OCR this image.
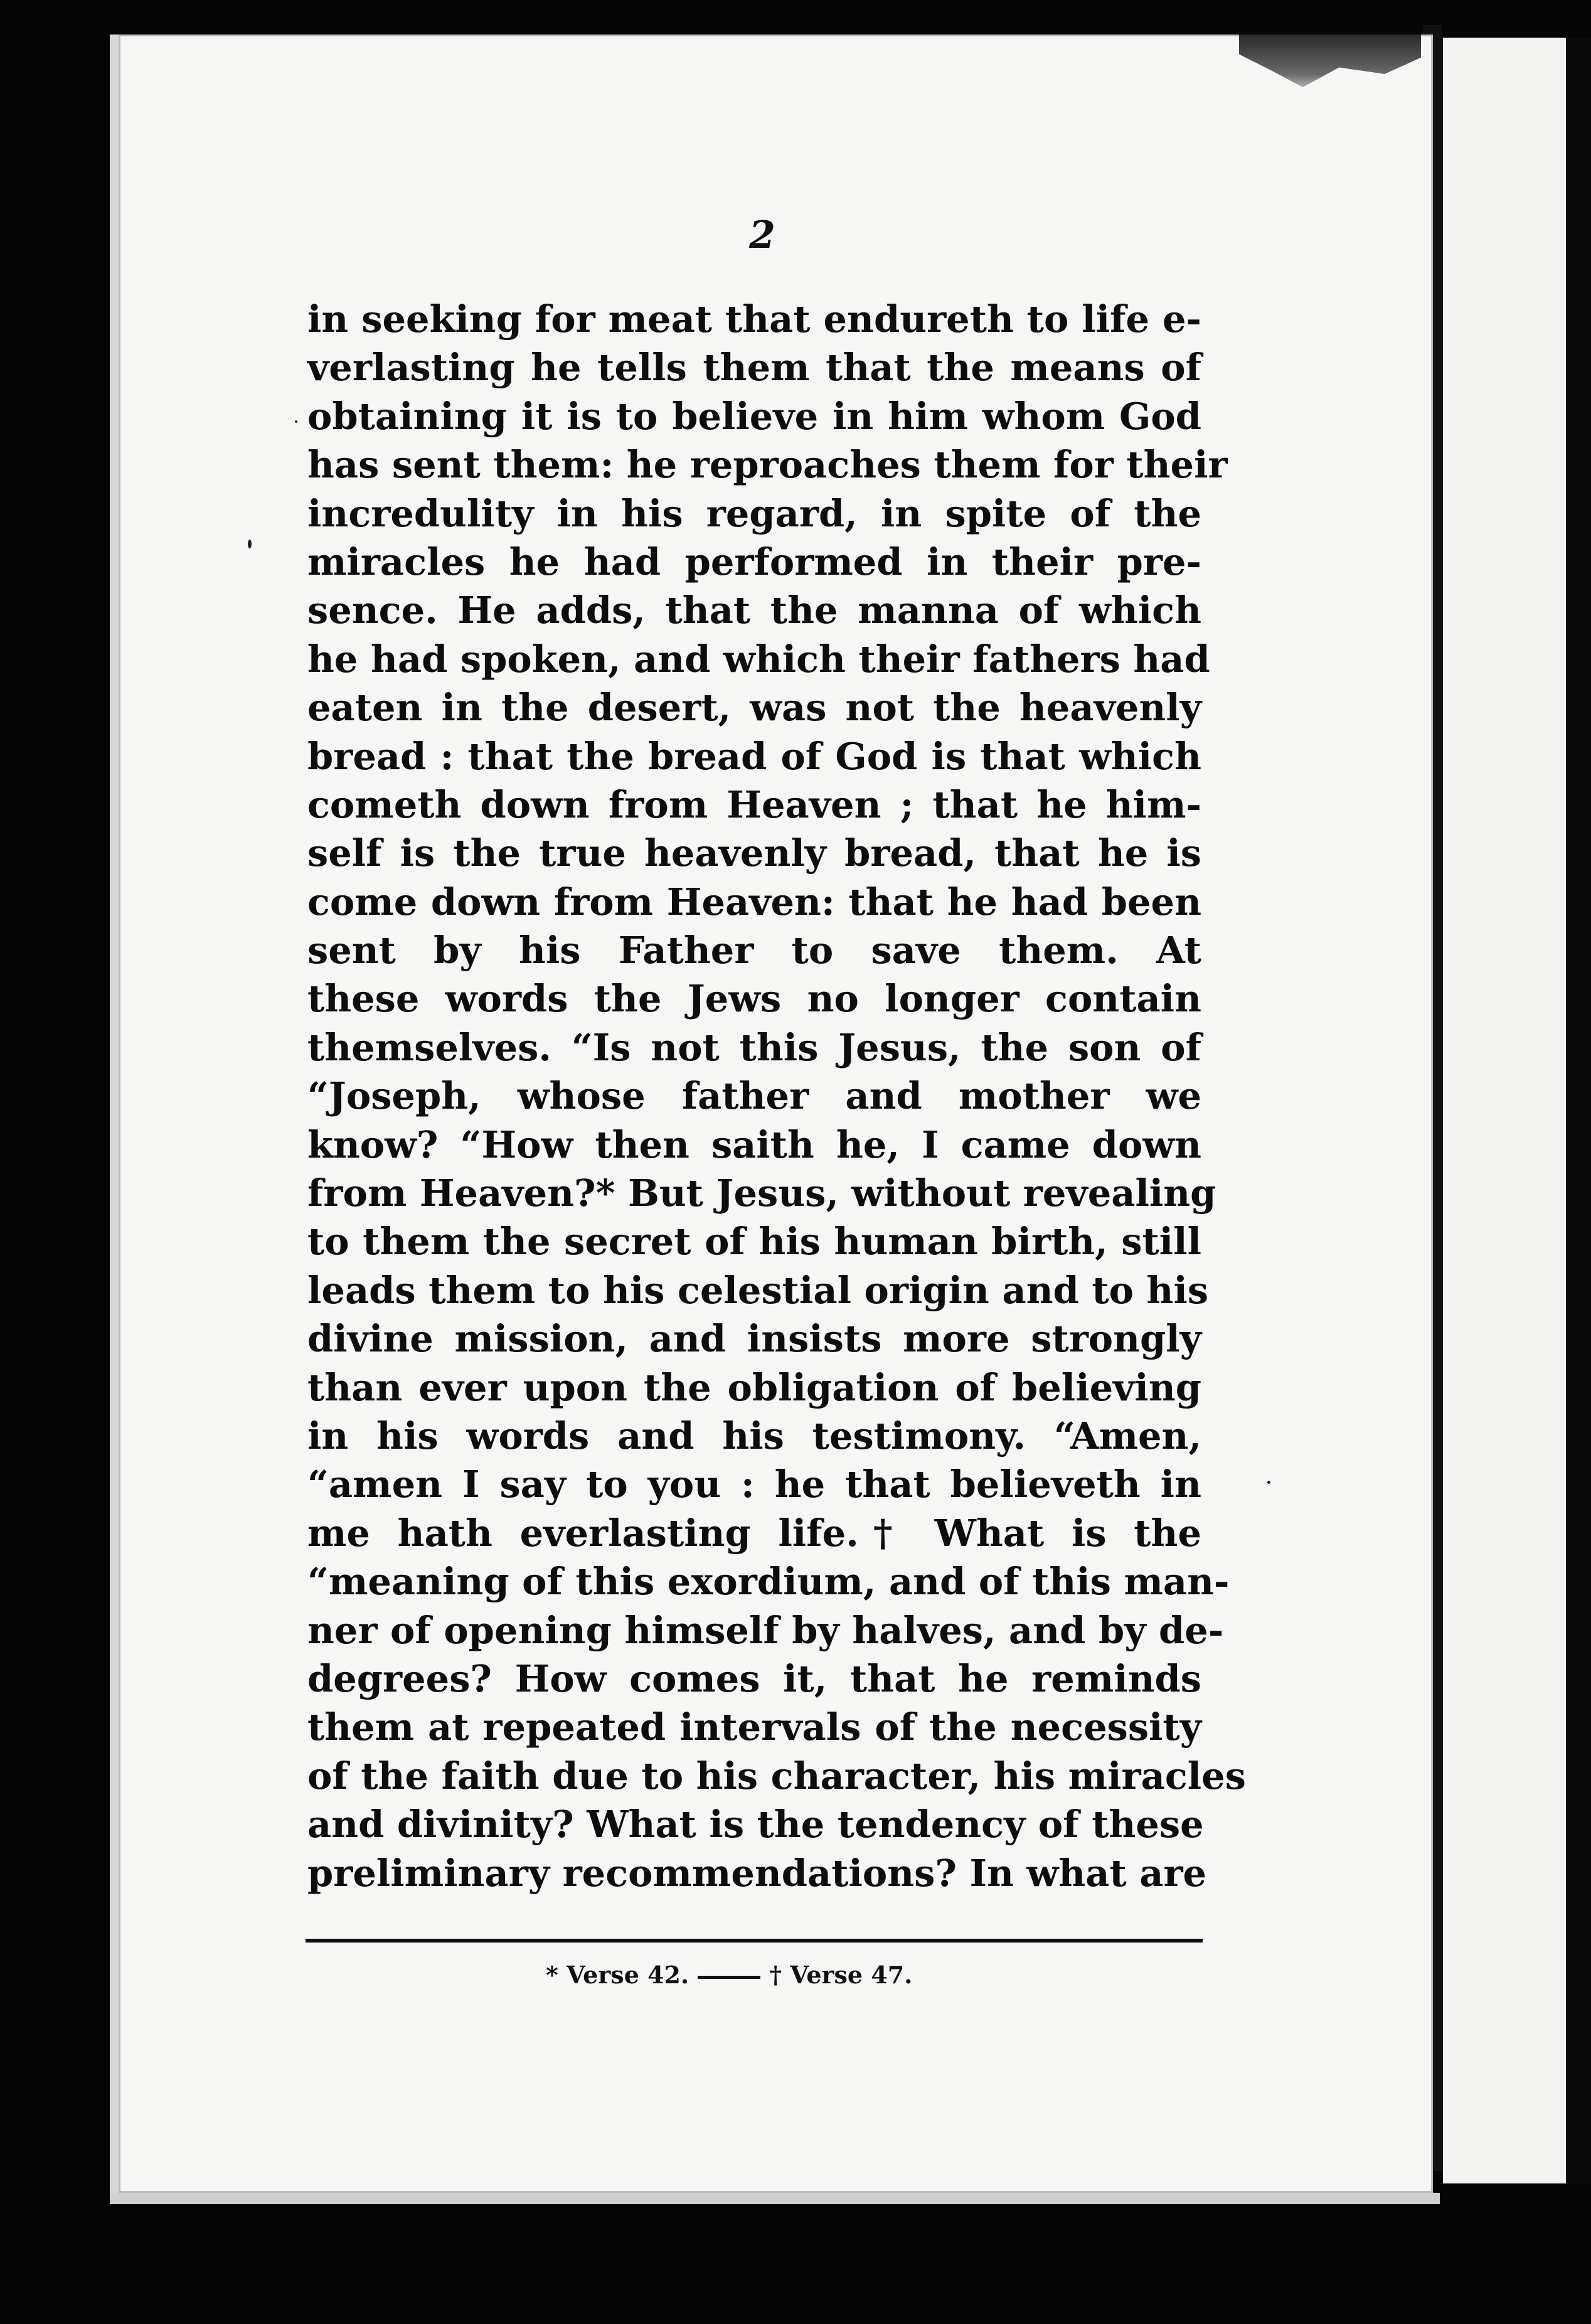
2
in seeking for meat that endureth to life e-
verlasting he tells them that the means of
obtaining it is to believe in him whom God
has sent them: he reproaches them for their
incredulity in his regard, in spite of the
miracles he had performed in their pre-
sence. He adds, that the manna of which
he had spoken, and which their fathers had
eaten in the desert, was not the heavenly
bread : that the bread of God is that which
cometh down from Heaven ; that he him-
self is the true heavenly bread, that he is
come down from Heaven: that he had been
sent by his Father to save them. At
these words the Jews no longer contain
themselves. “Is not this Jesus, the son of
“Joseph, whose father and mother we
know? “How then saith he, I came down
from Heaven?* But Jesus, without revealing
to them the secret of his human birth, still
leads them to his celestial origin and to his
divine mission, and insists more strongly
than ever upon the obligation of believing
in his words and his testimony. “Amen,
“amen I say to you : he that believeth in
me hath everlasting life.† What is the
“meaning of this exordium, and of this man-
ner of opening himself by halves, and by de-
degrees? How comes it, that he reminds
them at repeated intervals of the necessity
of the faith due to his character, his miracles
and divinity? What is the tendency of these
preliminary recommendations? In what are
* Verse 42.	† Verse 47.
